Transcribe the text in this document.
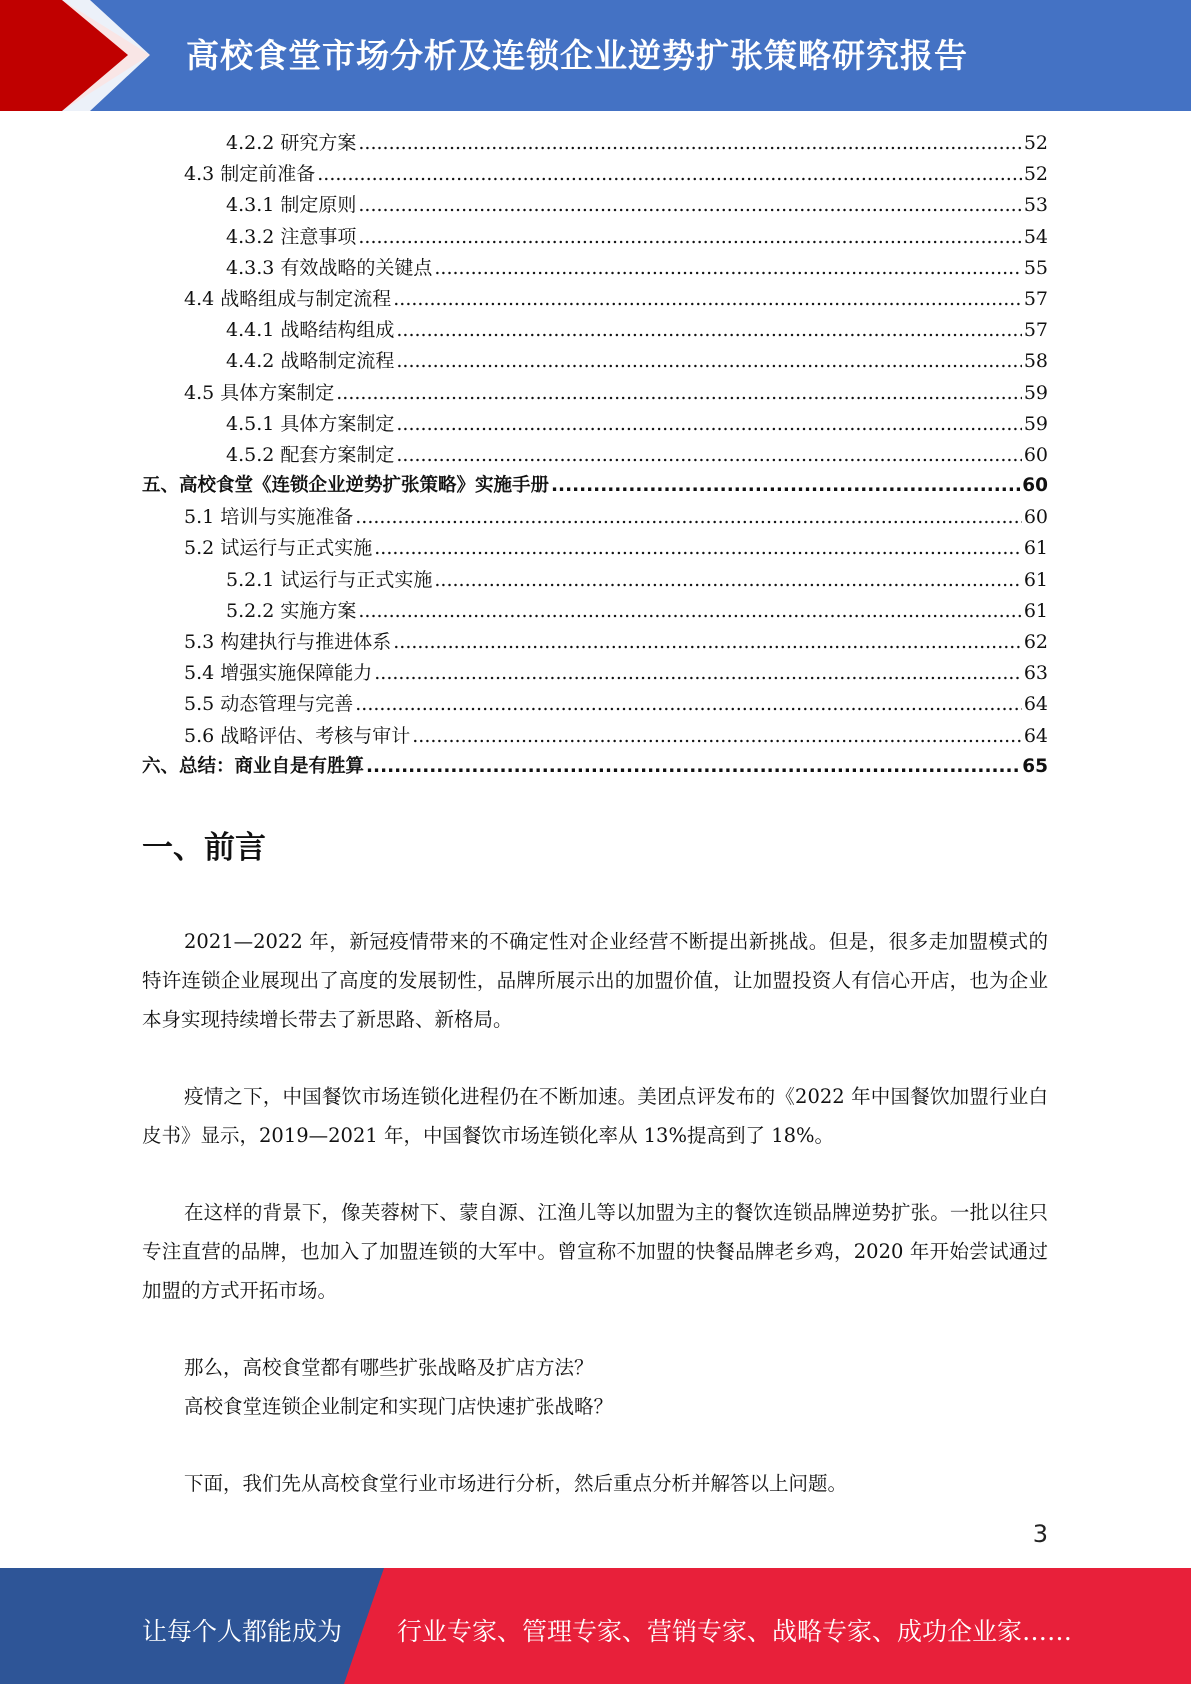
高校食堂市场分析及连锁企业逆势扩张策略研究报告
4.2.2 研究方案 .....	52
4.3 制定前准备 .....	52
4.3.1 制定原则 .....	53
4.3.2 注意事项 .....	54
4.3.3 有效战略的关键点 .....	55
4.4 战略组成与制定流程 .....	57
4.4.1 战略结构组成 .....	57
4.4.2 战略制定流程 .....	58
4.5 具体方案制定 .....	59
4.5.1 具体方案制定 .....	59
4.5.2 配套方案制定 .....	60
五、高校食堂《连锁企业逆势扩张策略》实施手册 .....	60
5.1 培训与实施准备 .....	60
5.2 试运行与正式实施 .....	61
5.2.1 试运行与正式实施 .....	61
5.2.2 实施方案 .....	61
5.3 构建执行与推进体系 .....	62
5.4 增强实施保障能力 .....	63
5.5 动态管理与完善 .....	64
5.6 战略评估、考核与审计 .....	64
六、总结：商业自是有胜算 .....	65
一、前言

2021—2022 年，新冠疫情带来的不确定性对企业经营不断提出新挑战。但是，很多走加盟模式的特许连锁企业展现出了高度的发展韧性，品牌所展示出的加盟价值，让加盟投资人有信心开店，也为企业本身实现持续增长带去了新思路、新格局。

疫情之下，中国餐饮市场连锁化进程仍在不断加速。美团点评发布的《2022 年中国餐饮加盟行业白皮书》显示，2019—2021 年，中国餐饮市场连锁化率从 13%提高到了 18%。

在这样的背景下，像芙蓉树下、蒙自源、江渔儿等以加盟为主的餐饮连锁品牌逆势扩张。一批以往只专注直营的品牌，也加入了加盟连锁的大军中。曾宣称不加盟的快餐品牌老乡鸡，2020 年开始尝试通过加盟的方式开拓市场。

那么，高校食堂都有哪些扩张战略及扩店方法？

高校食堂连锁企业制定和实现门店快速扩张战略？

下面，我们先从高校食堂行业市场进行分析，然后重点分析并解答以上问题。

3

让每个人都能成为 行业专家、管理专家、营销专家、战略专家、成功企业家……
